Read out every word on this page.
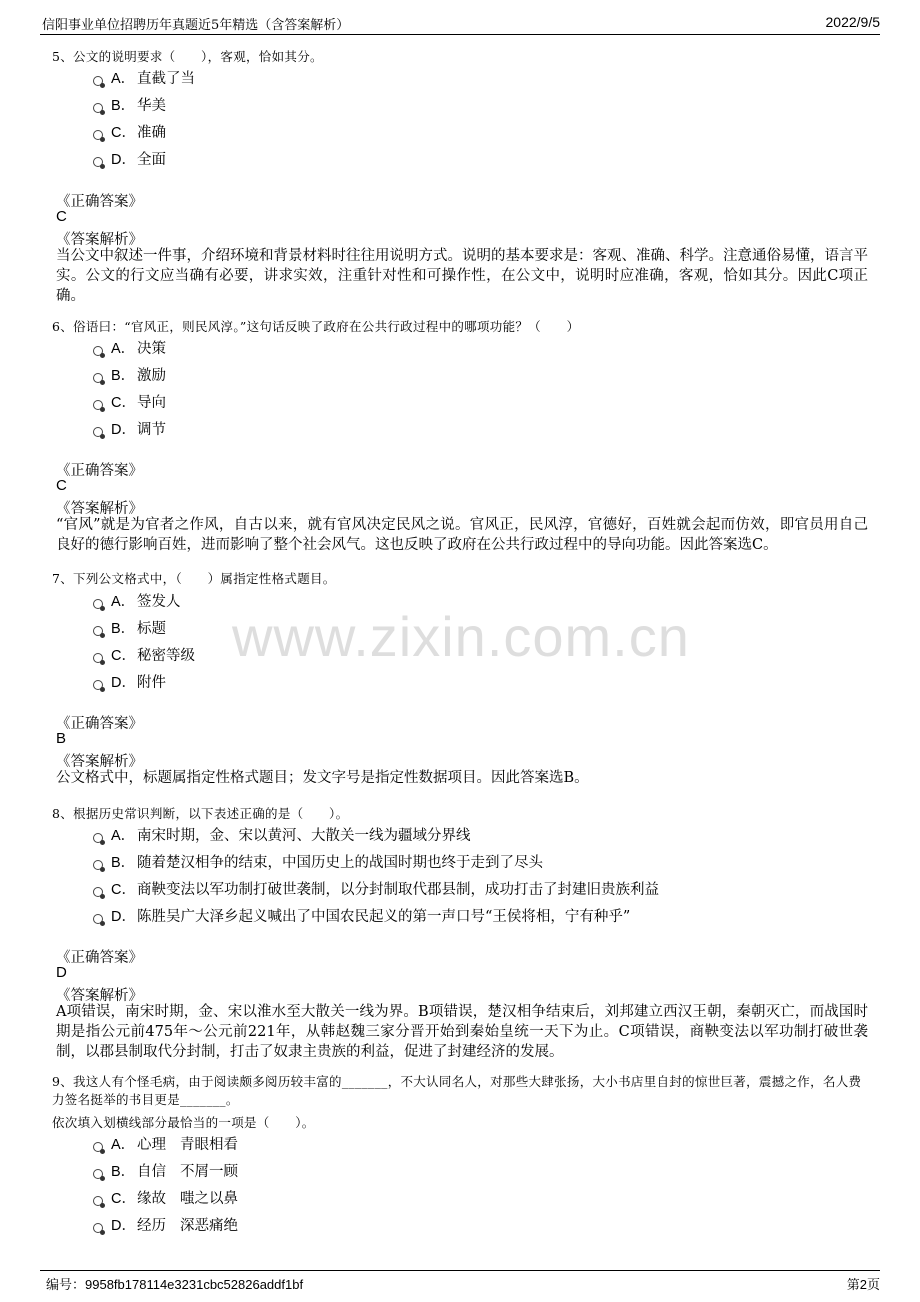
信阳事业单位招聘历年真题近5年精选（含答案解析）	2022/9/5
www.zixin.com.cn
5、公文的说明要求（　　），客观，恰如其分。
A． 直截了当
B． 华美
C．准确
D．全面
《正确答案》
C
《答案解析》
当公文中叙述一件事，介绍环境和背景材料时往往用说明方式。说明的基本要求是：客观、准确、科学。注意通俗易懂，语言平实。公文的行文应当确有必要，讲求实效，注重针对性和可操作性，在公文中，说明时应准确，客观，恰如其分。因此C项正确。
6、俗语曰：“官风正，则民风淳。”这句话反映了政府在公共行政过程中的哪项功能？（　　）
A． 决策
B． 激励
C．导向
D．调节
《正确答案》
C
《答案解析》
“官风”就是为官者之作风，自古以来，就有官风决定民风之说。官风正，民风淳，官德好，百姓就会起而仿效，即官员用自己良好的德行影响百姓，进而影响了整个社会风气。这也反映了政府在公共行政过程中的导向功能。因此答案选C。
7、下列公文格式中，（　　）属指定性格式题目。
A． 签发人
B． 标题
C．秘密等级
D．附件
《正确答案》
B
《答案解析》
公文格式中，标题属指定性格式题目；发文字号是指定性数据项目。因此答案选B。
8、根据历史常识判断，以下表述正确的是（　　）。
A． 南宋时期，金、宋以黄河、大散关一线为疆域分界线
B． 随着楚汉相争的结束，中国历史上的战国时期也终于走到了尽头
C．商鞅变法以军功制打破世袭制，以分封制取代郡县制，成功打击了封建旧贵族利益
D．陈胜吴广大泽乡起义喊出了中国农民起义的第一声口号“王侯将相，宁有种乎”
《正确答案》
D
《答案解析》
A项错误，南宋时期，金、宋以淮水至大散关一线为界。B项错误，楚汉相争结束后，刘邦建立西汉王朝，秦朝灭亡，而战国时期是指公元前475年～公元前221年，从韩赵魏三家分晋开始到秦始皇统一天下为止。C项错误，商鞅变法以军功制打破世袭制，以郡县制取代分封制，打击了奴隶主贵族的利益，促进了封建经济的发展。
9、我这人有个怪毛病，由于阅读颇多阅历较丰富的_______，不大认同名人，对那些大肆张扬，大小书店里自封的惊世巨著，震撼之作，名人费力签名挺举的书目更是_______。
依次填入划横线部分最恰当的一项是（　　）。
A． 心理 青眼相看
B． 自信 不屑一顾
C．缘故 嗤之以鼻
D．经历 深恶痛绝
编号：9958fb178114e3231cbc52826addf1bf	第2页
